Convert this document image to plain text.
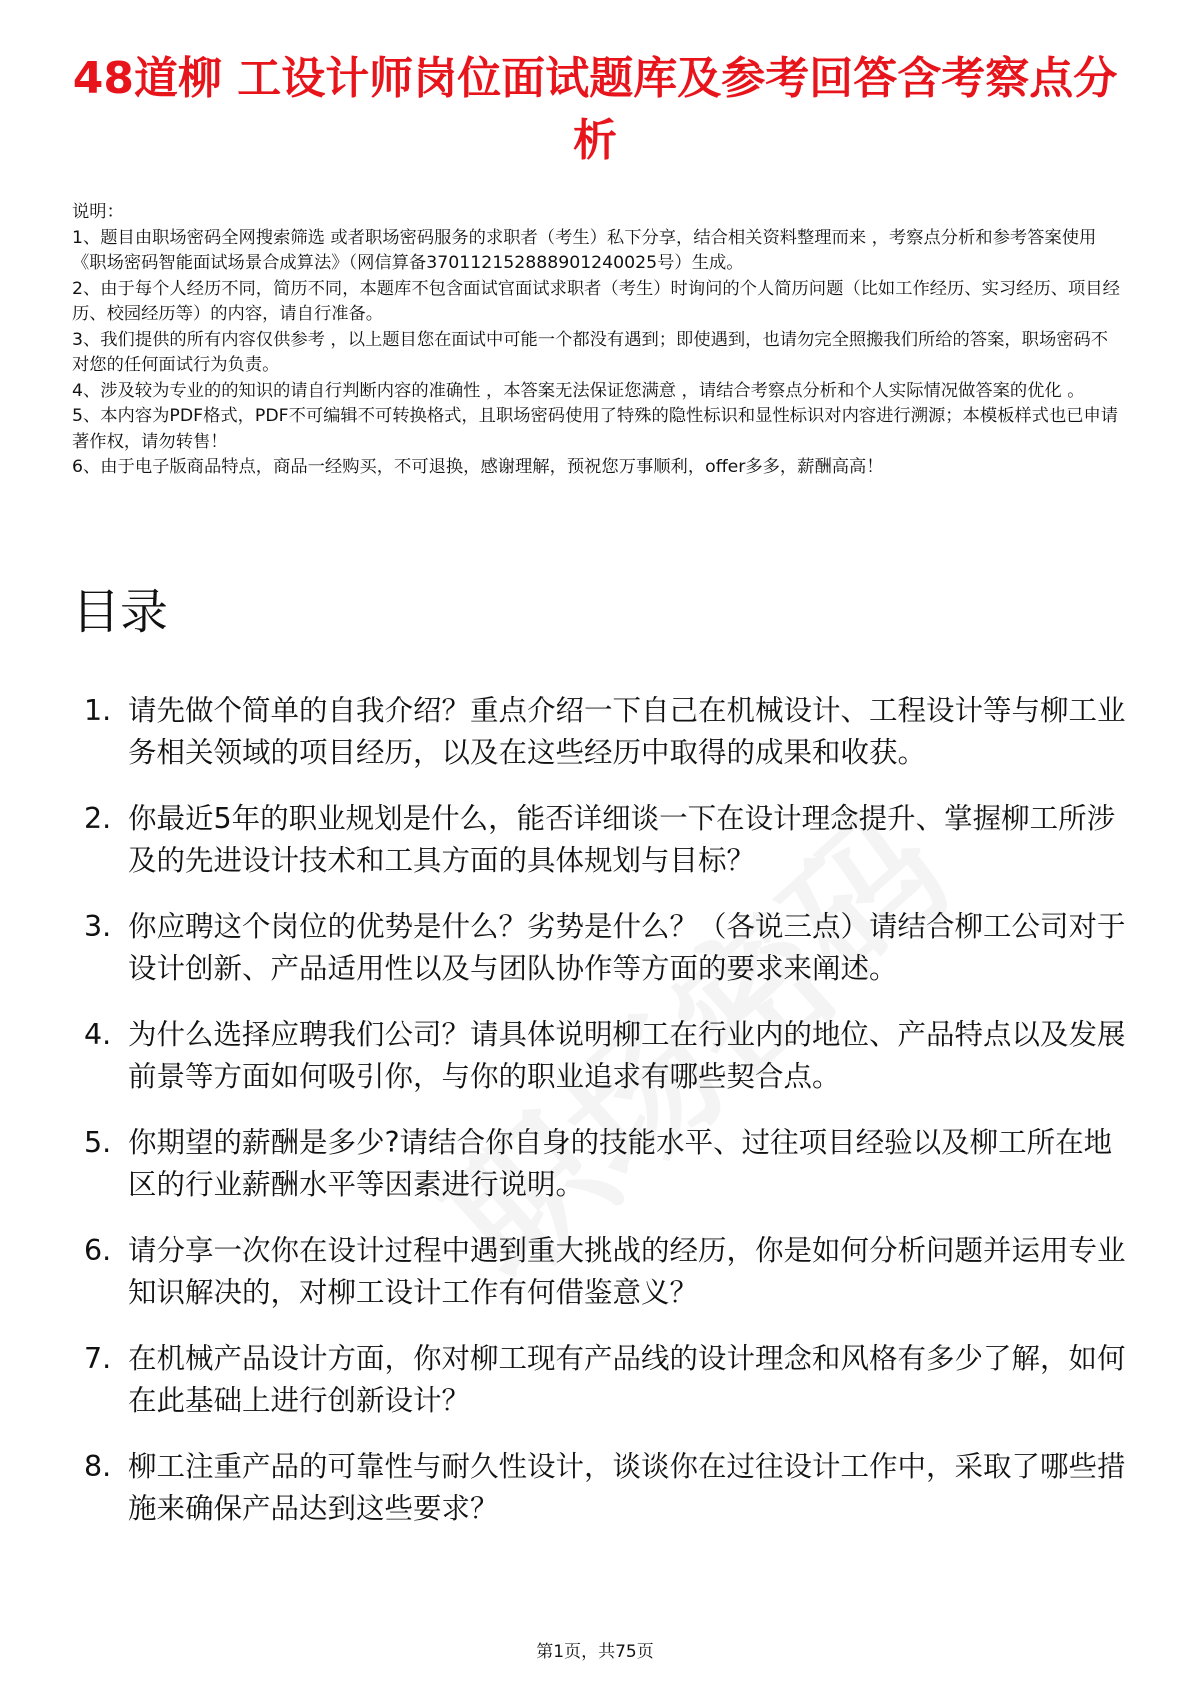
48道柳 工设计师岗位面试题库及参考回答含考察点分析

说明：

1、题目由职场密码全网搜索筛选 或者职场密码服务的求职者（考生）私下分享，结合相关资料整理而来 ，考察点分析和参考答案使用《职场密码智能面试场景合成算法》（网信算备370112152888901240025号）生成。

2、由于每个人经历不同，简历不同，本题库不包含面试官面试求职者（考生）时询问的个人简历问题（比如工作经历、实习经历、项目经历、校园经历等）的内容，请自行准备。

3、我们提供的所有内容仅供参考 ，以上题目您在面试中可能一个都没有遇到；即使遇到，也请勿完全照搬我们所给的答案，职场密码不对您的任何面试行为负责。

4、涉及较为专业的的知识的请自行判断内容的准确性 ，本答案无法保证您满意 ，请结合考察点分析和个人实际情况做答案的优化 。

5、本内容为PDF格式，PDF不可编辑不可转换格式，且职场密码使用了特殊的隐性标识和显性标识对内容进行溯源；本模板样式也已申请著作权，请勿转售！

6、由于电子版商品特点，商品一经购买，不可退换，感谢理解，预祝您万事顺利，offer多多，薪酬高高！

目录
1. 请先做个简单的自我介绍？重点介绍一下自己在机械设计、工程设计等与柳工业务相关领域的项目经历，以及在这些经历中取得的成果和收获。
2. 你最近5年的职业规划是什么，能否详细谈一下在设计理念提升、掌握柳工所涉及的先进设计技术和工具方面的具体规划与目标？
3. 你应聘这个岗位的优势是什么？劣势是什么？（各说三点）请结合柳工公司对于设计创新、产品适用性以及与团队协作等方面的要求来阐述。
4. 为什么选择应聘我们公司？请具体说明柳工在行业内的地位、产品特点以及发展前景等方面如何吸引你，与你的职业追求有哪些契合点。
5. 你期望的薪酬是多少?请结合你自身的技能水平、过往项目经验以及柳工所在地区的行业薪酬水平等因素进行说明。
6. 请分享一次你在设计过程中遇到重大挑战的经历，你是如何分析问题并运用专业知识解决的，对柳工设计工作有何借鉴意义？
7. 在机械产品设计方面，你对柳工现有产品线的设计理念和风格有多少了解，如何在此基础上进行创新设计？
8. 柳工注重产品的可靠性与耐久性设计，谈谈你在过往设计工作中，采取了哪些措施来确保产品达到这些要求？
第1页，共75页
